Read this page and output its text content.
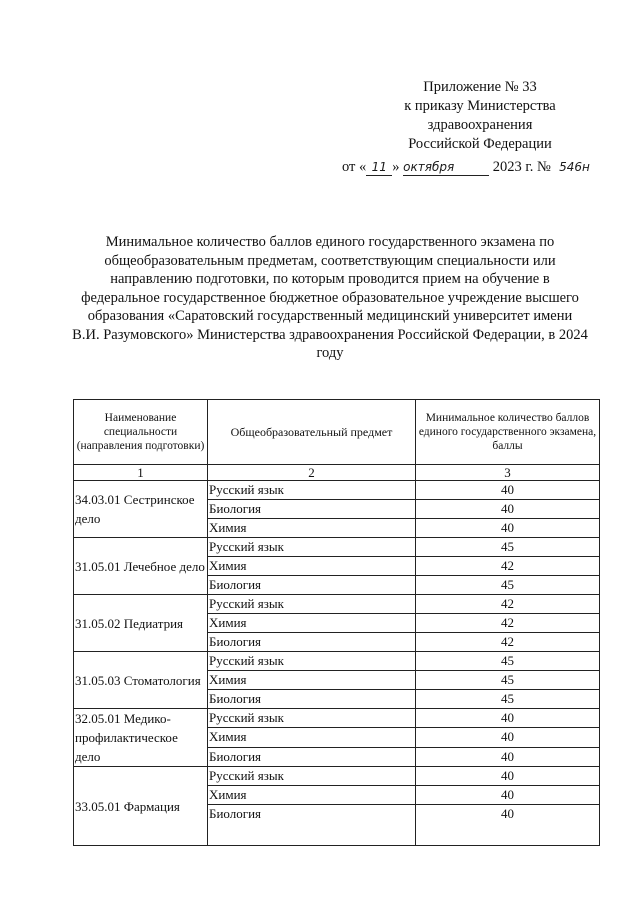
Приложение № 33
к приказу Министерства
здравоохранения
Российской Федерации
от « 11 » октября	2023 г. № 546н
Минимальное количество баллов единого государственного экзамена по
общеобразовательным предметам, соответствующим специальности или
направлению подготовки, по которым проводится прием на обучение в
федеральное государственное бюджетное образовательное учреждение высшего
образования «Саратовский государственный медицинский университет имени
В.И. Разумовского» Министерства здравоохранения Российской Федерации, в 2024
году
Наименование специальности (направления подготовки)	Общеобразовательный предмет	Минимальное количество баллов единого государственного экзамена, баллы
1	2	3
34.03.01 Сестринское дело	Русский язык	40
	Биология	40
	Химия	40
31.05.01 Лечебное дело	Русский язык	45
	Химия	42
	Биология	45
31.05.02 Педиатрия	Русский язык	42
	Химия	42
	Биология	42
31.05.03 Стоматология	Русский язык	45
	Химия	45
	Биология	45
32.05.01 Медико-профилактическое дело	Русский язык	40
	Химия	40
	Биология	40
33.05.01 Фармация	Русский язык	40
	Химия	40
	Биология	40
